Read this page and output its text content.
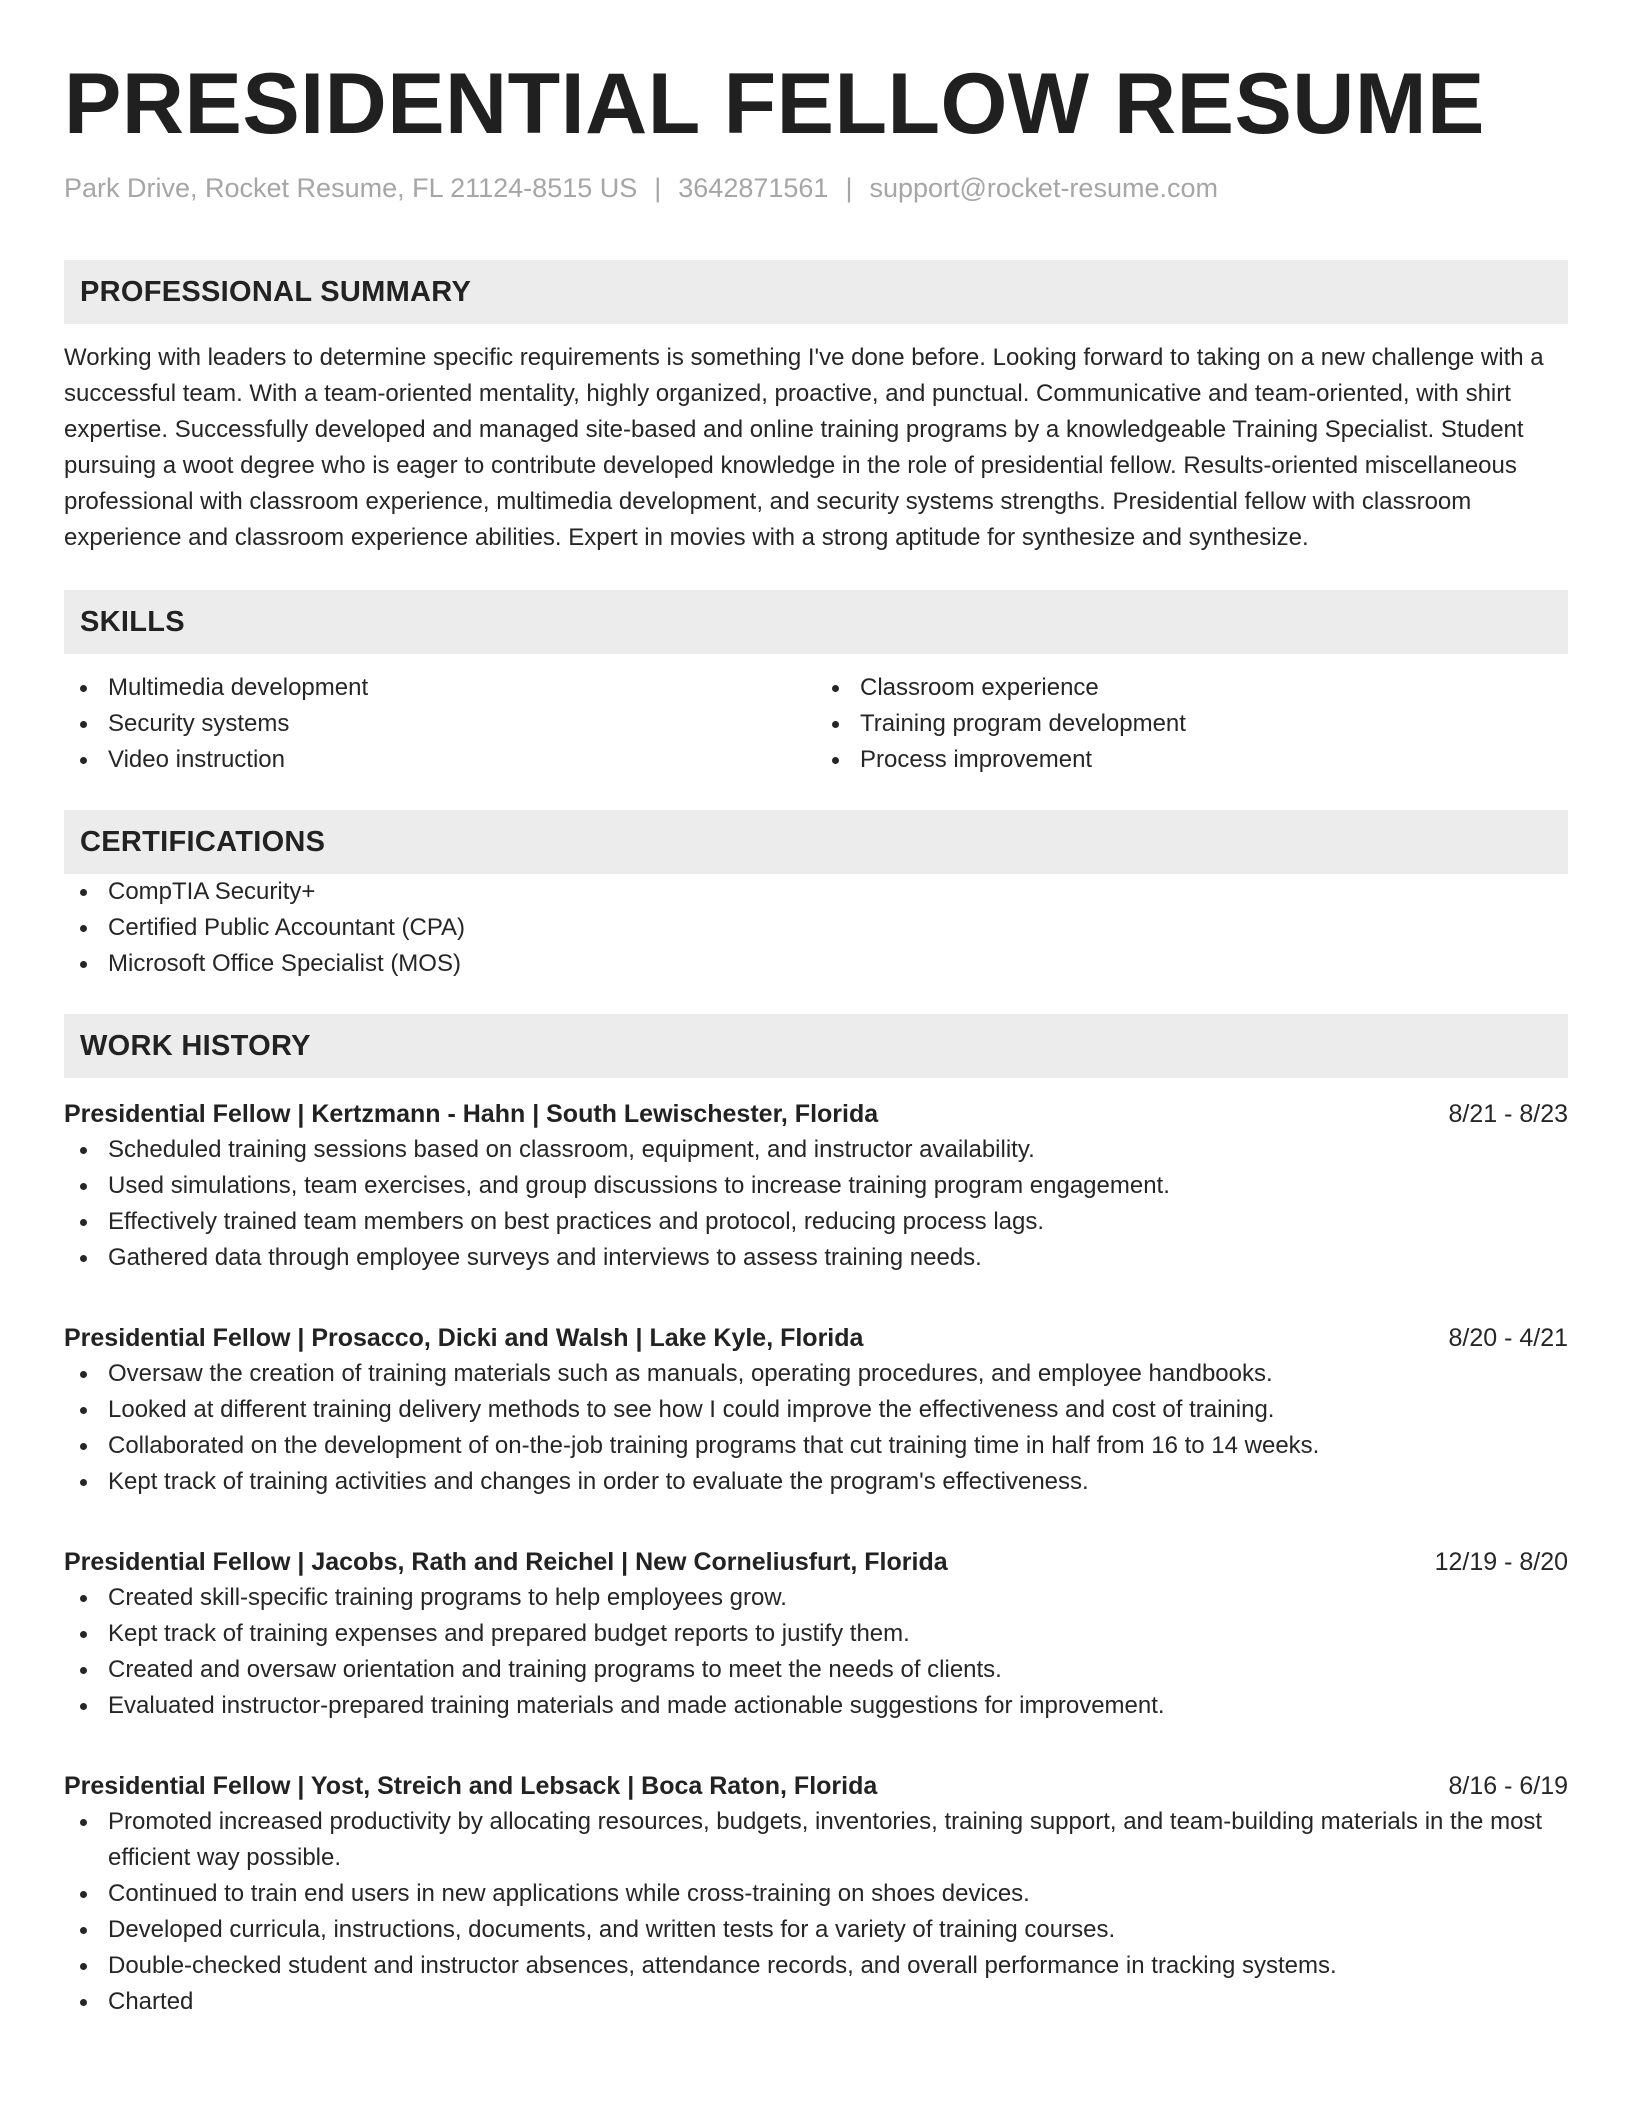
PRESIDENTIAL FELLOW RESUME
Park Drive, Rocket Resume, FL 21124-8515 US | 3642871561 | support@rocket-resume.com
PROFESSIONAL SUMMARY

Working with leaders to determine specific requirements is something I've done before. Looking forward to taking on a new challenge with a successful team. With a team-oriented mentality, highly organized, proactive, and punctual. Communicative and team-oriented, with shirt expertise. Successfully developed and managed site-based and online training programs by a knowledgeable Training Specialist. Student pursuing a woot degree who is eager to contribute developed knowledge in the role of presidential fellow. Results-oriented miscellaneous professional with classroom experience, multimedia development, and security systems strengths. Presidential fellow with classroom experience and classroom experience abilities. Expert in movies with a strong aptitude for synthesize and synthesize.

SKILLS
Multimedia development
Security systems
Video instruction
Classroom experience
Training program development
Process improvement
CERTIFICATIONS
CompTIA Security+
Certified Public Accountant (CPA)
Microsoft Office Specialist (MOS)
WORK HISTORY
Presidential Fellow | Kertzmann - Hahn | South Lewischester, Florida	8/21 - 8/23
Scheduled training sessions based on classroom, equipment, and instructor availability.
Used simulations, team exercises, and group discussions to increase training program engagement.
Effectively trained team members on best practices and protocol, reducing process lags.
Gathered data through employee surveys and interviews to assess training needs.
Presidential Fellow | Prosacco, Dicki and Walsh | Lake Kyle, Florida	8/20 - 4/21
Oversaw the creation of training materials such as manuals, operating procedures, and employee handbooks.
Looked at different training delivery methods to see how I could improve the effectiveness and cost of training.
Collaborated on the development of on-the-job training programs that cut training time in half from 16 to 14 weeks.
Kept track of training activities and changes in order to evaluate the program's effectiveness.
Presidential Fellow | Jacobs, Rath and Reichel | New Corneliusfurt, Florida	12/19 - 8/20
Created skill-specific training programs to help employees grow.
Kept track of training expenses and prepared budget reports to justify them.
Created and oversaw orientation and training programs to meet the needs of clients.
Evaluated instructor-prepared training materials and made actionable suggestions for improvement.
Presidential Fellow | Yost, Streich and Lebsack | Boca Raton, Florida	8/16 - 6/19
Promoted increased productivity by allocating resources, budgets, inventories, training support, and team-building materials in the most efficient way possible.
Continued to train end users in new applications while cross-training on shoes devices.
Developed curricula, instructions, documents, and written tests for a variety of training courses.
Double-checked student and instructor absences, attendance records, and overall performance in tracking systems.
Charted
